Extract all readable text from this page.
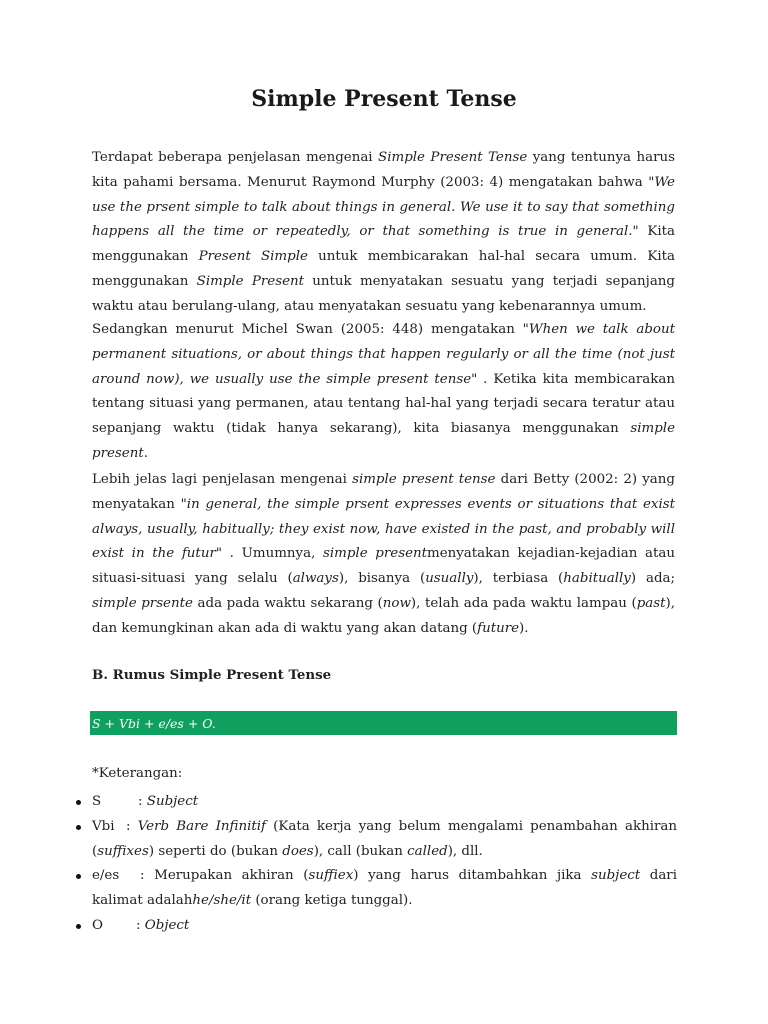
Simple Present Tense

Terdapat beberapa penjelasan mengenai Simple Present Tense yang tentunya harus kita pahami bersama. Menurut Raymond Murphy (2003: 4) mengatakan bahwa "We use the prsent simple to talk about things in general. We use it to say that something happens all the time or repeatedly, or that something is true in general." Kita menggunakan Present Simple untuk membicarakan hal-hal secara umum. Kita menggunakan Simple Present untuk menyatakan sesuatu yang terjadi sepanjang waktu atau berulang-ulang, atau menyatakan sesuatu yang kebenarannya umum.

Sedangkan menurut Michel Swan (2005: 448) mengatakan "When we talk about permanent situations, or about things that happen regularly or all the time (not just around now), we usually use the simple present tense" . Ketika kita membicarakan tentang situasi yang permanen, atau tentang hal-hal yang terjadi secara teratur atau sepanjang waktu (tidak hanya sekarang), kita biasanya menggunakan simple present.

Lebih jelas lagi penjelasan mengenai simple present tense dari Betty (2002: 2) yang menyatakan "in general, the simple prsent expresses events or situations that exist always, usually, habitually; they exist now, have existed in the past, and probably will exist in the futur" . Umumnya, simple presentmenyatakan kejadian-kejadian atau situasi-situasi yang selalu (always), bisanya (usually), terbiasa (habitually) ada; simple prsente ada pada waktu sekarang (now), telah ada pada waktu lampau (past), dan kemungkinan akan ada di waktu yang akan datang (future).

B. Rumus Simple Present Tense
S + Vbi + e/es + O.
*Keterangan:
S	: Subject
Vbi : Verb Bare Infinitif (Kata kerja yang belum mengalami penambahan akhiran (suffixes) seperti do (bukan does), call (bukan called), dll.
e/es : Merupakan akhiran (suffiex) yang harus ditambahkan jika subject dari kalimat adalahhe/she/it (orang ketiga tunggal).
O : Object
